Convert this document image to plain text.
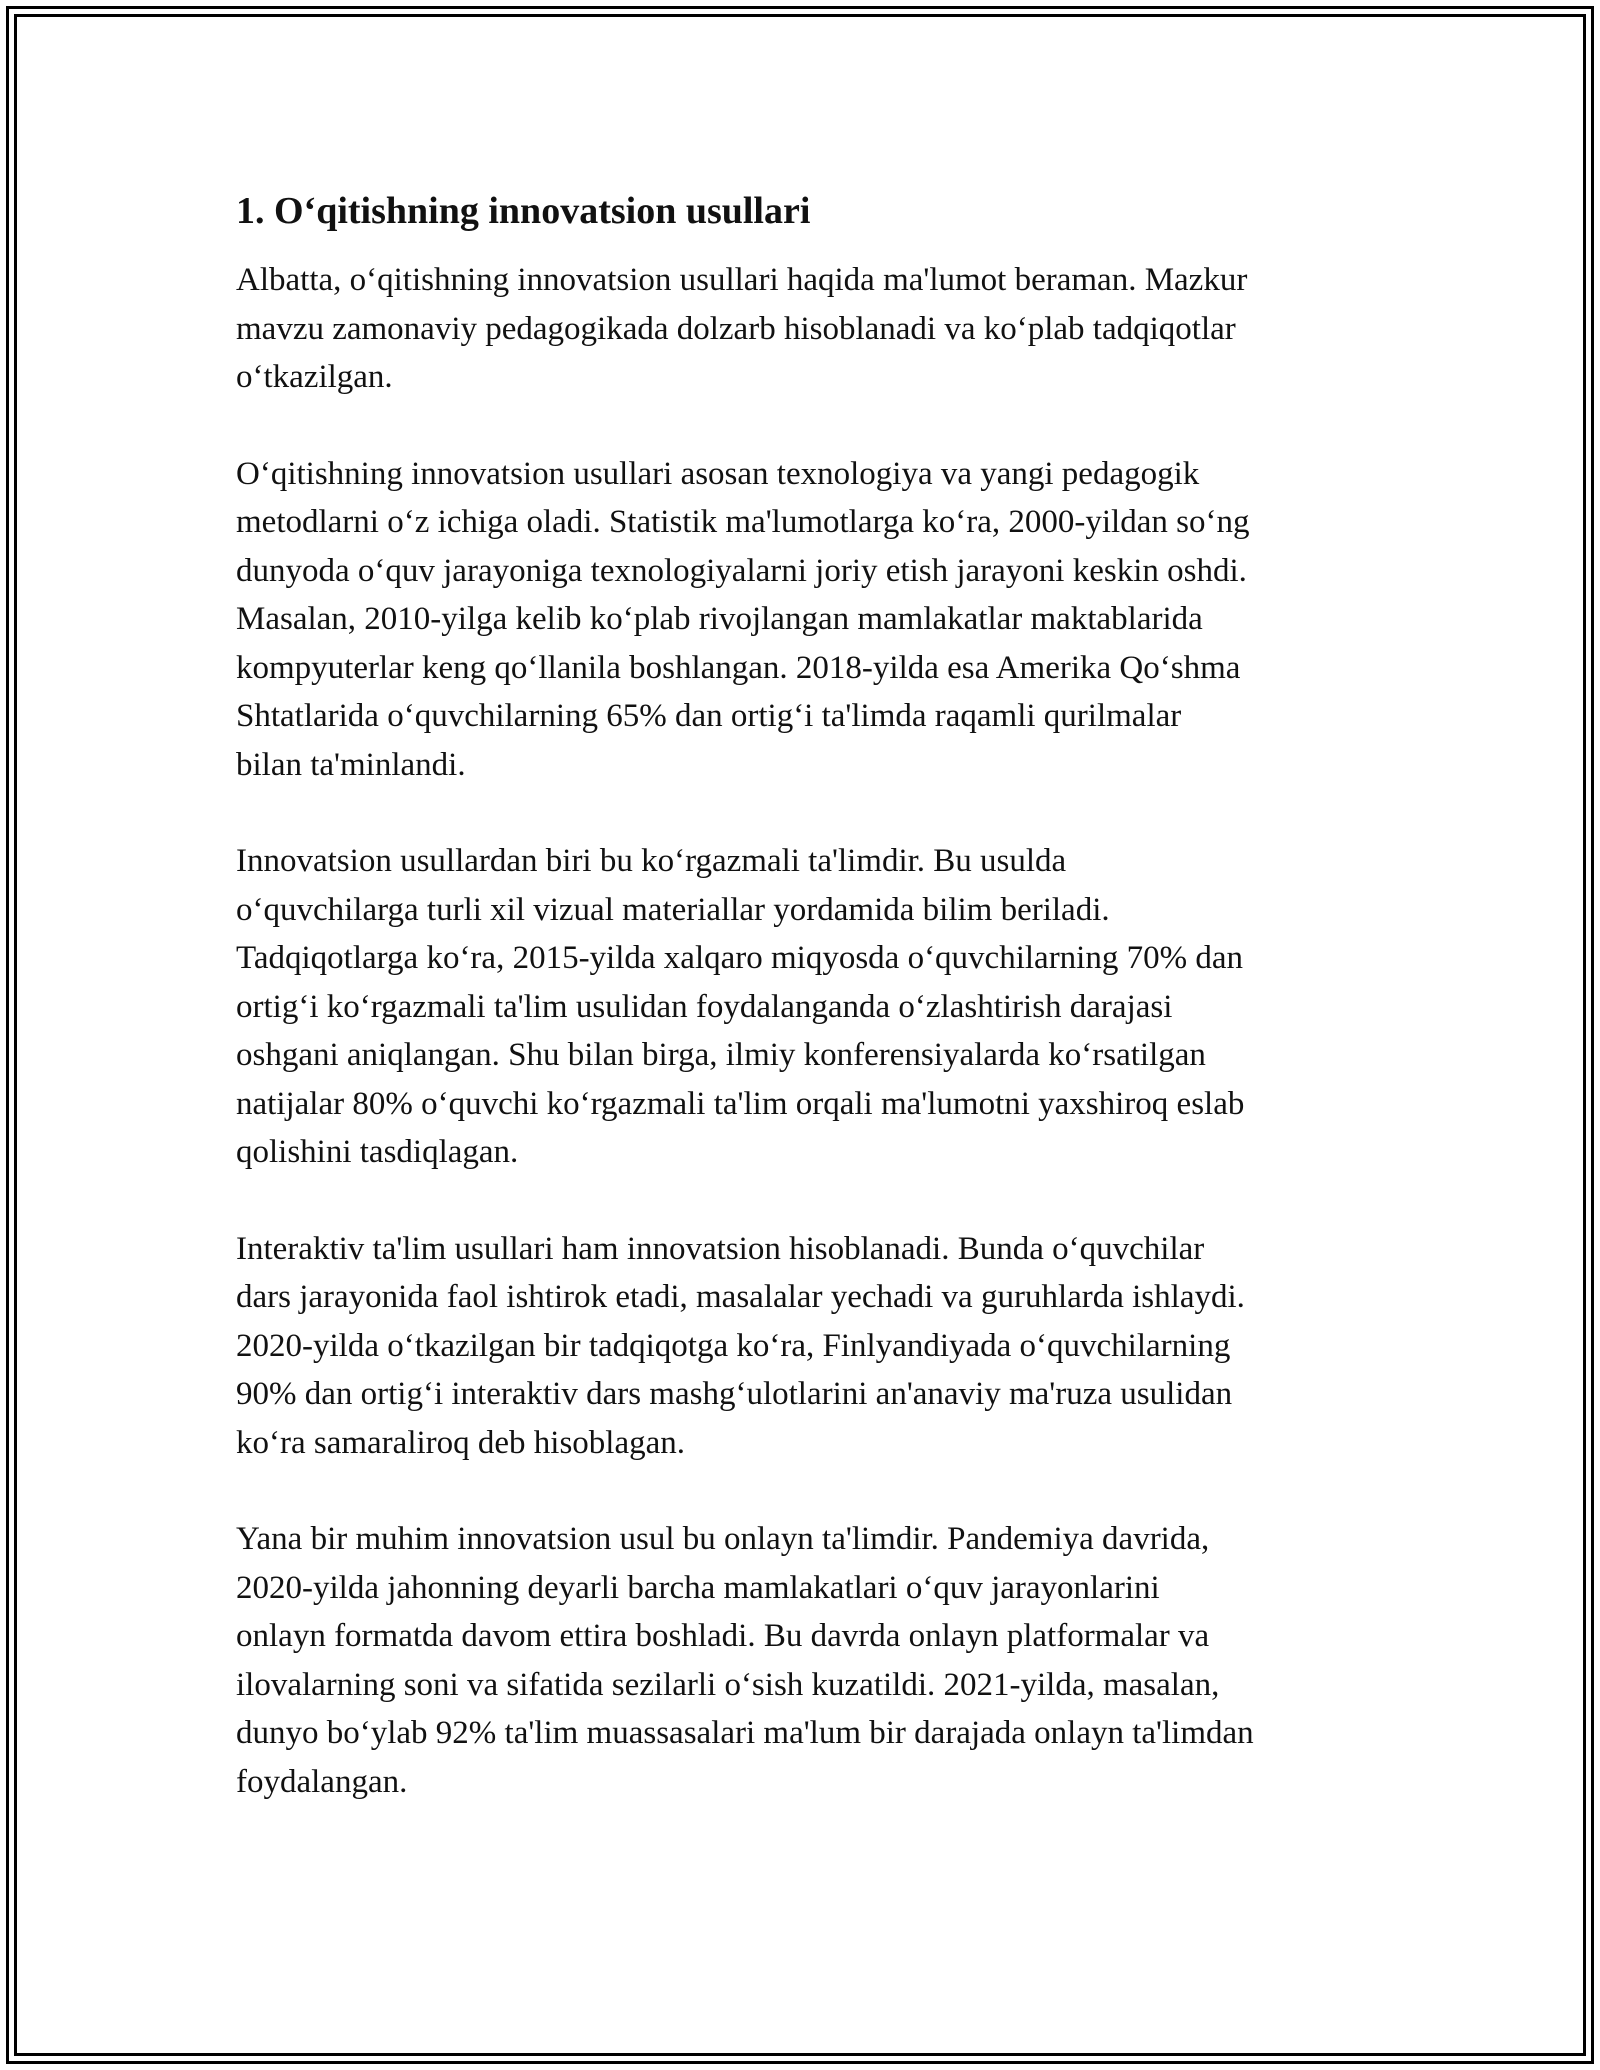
1. O‘qitishning innovatsion usullari
Albatta, o‘qitishning innovatsion usullari haqida ma'lumot beraman. Mazkur
mavzu zamonaviy pedagogikada dolzarb hisoblanadi va ko‘plab tadqiqotlar
o‘tkazilgan.
O‘qitishning innovatsion usullari asosan texnologiya va yangi pedagogik
metodlarni o‘z ichiga oladi. Statistik ma'lumotlarga ko‘ra, 2000-yildan so‘ng
dunyoda o‘quv jarayoniga texnologiyalarni joriy etish jarayoni keskin oshdi.
Masalan, 2010-yilga kelib ko‘plab rivojlangan mamlakatlar maktablarida
kompyuterlar keng qo‘llanila boshlangan. 2018-yilda esa Amerika Qo‘shma
Shtatlarida o‘quvchilarning 65% dan ortig‘i ta'limda raqamli qurilmalar
bilan ta'minlandi.
Innovatsion usullardan biri bu ko‘rgazmali ta'limdir. Bu usulda
o‘quvchilarga turli xil vizual materiallar yordamida bilim beriladi.
Tadqiqotlarga ko‘ra, 2015-yilda xalqaro miqyosda o‘quvchilarning 70% dan
ortig‘i ko‘rgazmali ta'lim usulidan foydalanganda o‘zlashtirish darajasi
oshgani aniqlangan. Shu bilan birga, ilmiy konferensiyalarda ko‘rsatilgan
natijalar 80% o‘quvchi ko‘rgazmali ta'lim orqali ma'lumotni yaxshiroq eslab
qolishini tasdiqlagan.
Interaktiv ta'lim usullari ham innovatsion hisoblanadi. Bunda o‘quvchilar
dars jarayonida faol ishtirok etadi, masalalar yechadi va guruhlarda ishlaydi.
2020-yilda o‘tkazilgan bir tadqiqotga ko‘ra, Finlyandiyada o‘quvchilarning
90% dan ortig‘i interaktiv dars mashg‘ulotlarini an'anaviy ma'ruza usulidan
ko‘ra samaraliroq deb hisoblagan.
Yana bir muhim innovatsion usul bu onlayn ta'limdir. Pandemiya davrida,
2020-yilda jahonning deyarli barcha mamlakatlari o‘quv jarayonlarini
onlayn formatda davom ettira boshladi. Bu davrda onlayn platformalar va
ilovalarning soni va sifatida sezilarli o‘sish kuzatildi. 2021-yilda, masalan,
dunyo bo‘ylab 92% ta'lim muassasalari ma'lum bir darajada onlayn ta'limdan
foydalangan.
